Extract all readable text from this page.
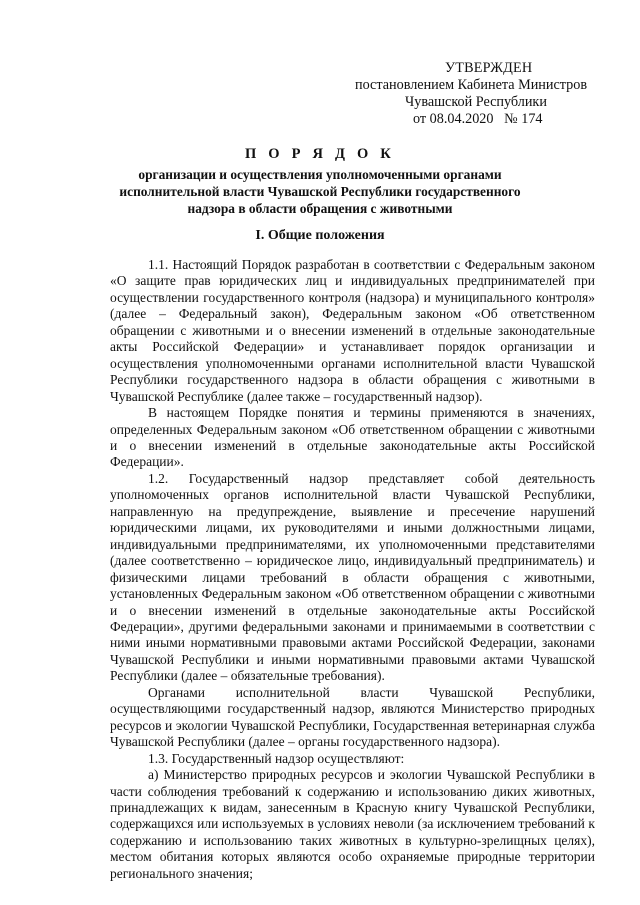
УТВЕРЖДЕН
постановлением Кабинета Министров
Чувашской Республики
от 08.04.2020   № 174
П О Р Я Д О К
организации и осуществления уполномоченными органами исполнительной власти Чувашской Республики государственного надзора в области обращения с животными
I. Общие положения

1.1. Настоящий Порядок разработан в соответствии с Федеральным законом «О защите прав юридических лиц и индивидуальных предпринимателей при осуществлении государственного контроля (надзора) и муниципального контроля» (далее – Федеральный закон), Федеральным законом «Об ответственном обращении с животными и о внесении изменений в отдельные законодательные акты Российской Федерации» и устанавливает порядок организации и осуществления уполномоченными органами исполнительной власти Чувашской Республики государственного надзора в области обращения с животными в Чувашской Республике (далее также – государственный надзор).

В настоящем Порядке понятия и термины применяются в значениях, определенных Федеральным законом «Об ответственном обращении с животными и о внесении изменений в отдельные законодательные акты Российской Федерации».

1.2. Государственный надзор представляет собой деятельность уполномоченных органов исполнительной власти Чувашской Республики, направленную на предупреждение, выявление и пресечение нарушений юридическими лицами, их руководителями и иными должностными лицами, индивидуальными предпринимателями, их уполномоченными представителями (далее соответственно – юридическое лицо, индивидуальный предприниматель) и физическими лицами требований в области обращения с животными, установленных Федеральным законом «Об ответственном обращении с животными и о внесении изменений в отдельные законодательные акты Российской Федерации», другими федеральными законами и принимаемыми в соответствии с ними иными нормативными правовыми актами Российской Федерации, законами Чувашской Республики и иными нормативными правовыми актами Чувашской Республики (далее – обязательные требования).

Органами исполнительной власти Чувашской Республики, осуществляющими государственный надзор, являются Министерство природных ресурсов и экологии Чувашской Республики, Государственная ветеринарная служба Чувашской Республики (далее – органы государственного надзора).

1.3. Государственный надзор осуществляют:

а) Министерство природных ресурсов и экологии Чувашской Республики в части соблюдения требований к содержанию и использованию диких животных, принадлежащих к видам, занесенным в Красную книгу Чувашской Республики, содержащихся или используемых в условиях неволи (за исключением требований к содержанию и использованию таких животных в культурно-зрелищных целях), местом обитания которых являются особо охраняемые природные территории регионального значения;
